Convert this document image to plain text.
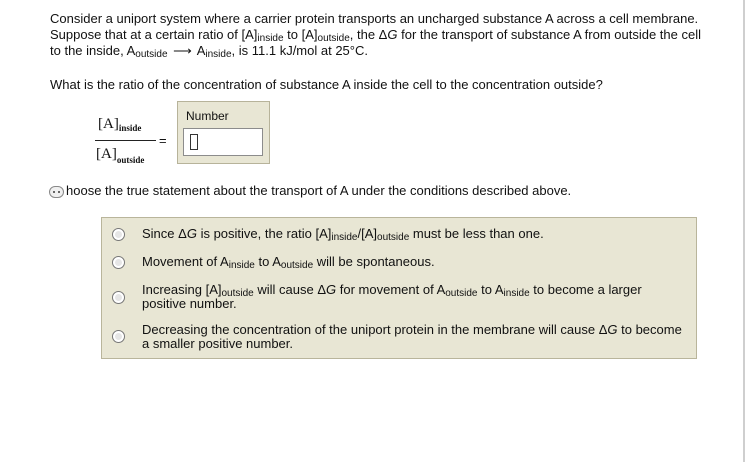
Consider a uniport system where a carrier protein transports an uncharged substance A across a cell membrane. Suppose that at a certain ratio of $[A]_{inside}$ to $[A]_{outside}$, the ΔG for the transport of substance A from outside the cell to the inside, $A_{outside}$ ⟶ $A_{inside}$, is 11.1 kJ/mol at 25°C.

What is the ratio of the concentration of substance A inside the cell to the concentration outside?

$[A]_{inside}$
$[A]_{outside}$
=
Number

hoose the true statement about the transport of A under the conditions described above.

Since ΔG is positive, the ratio $[A]_{inside}/[A]_{outside}$ must be less than one.
Movement of $A_{inside}$ to $A_{outside}$ will be spontaneous.
Increasing $[A]_{outside}$ will cause ΔG for movement of $A_{outside}$ to $A_{inside}$ to become a larger positive number.
Decreasing the concentration of the uniport protein in the membrane will cause ΔG to become a smaller positive number.
